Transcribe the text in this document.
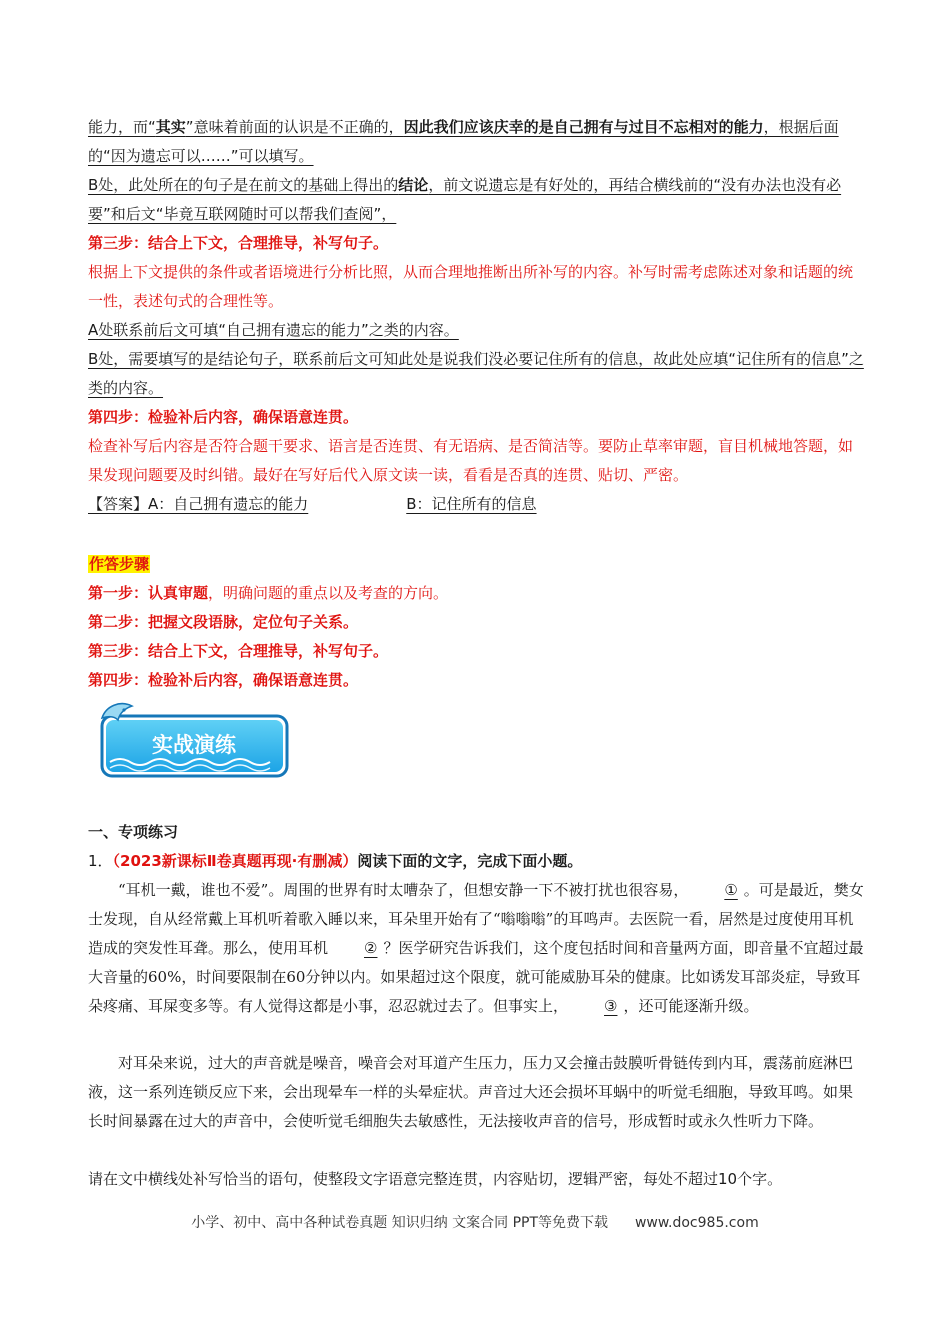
能力，而“其实”意味着前面的认识是不正确的，因此我们应该庆幸的是自己拥有与过目不忘相对的能力，根据后面的“因为遗忘可以……”可以填写。
B处，此处所在的句子是在前文的基础上得出的结论，前文说遗忘是有好处的，再结合横线前的“没有办法也没有必要”和后文“毕竟互联网随时可以帮我们查阅”，
第三步：结合上下文，合理推导，补写句子。
根据上下文提供的条件或者语境进行分析比照，从而合理地推断出所补写的内容。补写时需考虑陈述对象和话题的统一性，表述句式的合理性等。
A处联系前后文可填“自己拥有遗忘的能力”之类的内容。
B处，需要填写的是结论句子，联系前后文可知此处是说我们没必要记住所有的信息，故此处应填“记住所有的信息”之类的内容。
第四步：检验补后内容，确保语意连贯。
检查补写后内容是否符合题干要求、语言是否连贯、有无语病、是否简洁等。要防止草率审题，盲目机械地答题，如果发现问题要及时纠错。最好在写好后代入原文读一读，看看是否真的连贯、贴切、严密。
【答案】A：自己拥有遗忘的能力	B：记住所有的信息
作答步骤
第一步：认真审题，明确问题的重点以及考查的方向。
第二步：把握文段语脉，定位句子关系。
第三步：结合上下文，合理推导，补写句子。
第四步：检验补后内容，确保语意连贯。
实战演练
一、专项练习
1．（2023新课标Ⅱ卷真题再现·有删减）阅读下面的文字，完成下面小题。
“耳机一戴，谁也不爱”。周围的世界有时太嘈杂了，但想安静一下不被打扰也很容易， ① 。可是最近，樊女士发现，自从经常戴上耳机听着歌入睡以来，耳朵里开始有了“嗡嗡嗡”的耳鸣声。去医院一看，居然是过度使用耳机造成的突发性耳聋。那么，使用耳机 ② ？医学研究告诉我们，这个度包括时间和音量两方面，即音量不宜超过最大音量的60%，时间要限制在60分钟以内。如果超过这个限度，就可能威胁耳朵的健康。比如诱发耳部炎症，导致耳朵疼痛、耳屎变多等。有人觉得这都是小事，忍忍就过去了。但事实上， ③ ，还可能逐渐升级。
对耳朵来说，过大的声音就是噪音，噪音会对耳道产生压力，压力又会撞击鼓膜听骨链传到内耳，震荡前庭淋巴液，这一系列连锁反应下来，会出现晕车一样的头晕症状。声音过大还会损坏耳蜗中的听觉毛细胞，导致耳鸣。如果长时间暴露在过大的声音中，会使听觉毛细胞失去敏感性，无法接收声音的信号，形成暂时或永久性听力下降。
请在文中横线处补写恰当的语句，使整段文字语意完整连贯，内容贴切，逻辑严密，每处不超过10个字。
小学、初中、高中各种试卷真题 知识归纳 文案合同 PPT等免费下载 www.doc985.com
